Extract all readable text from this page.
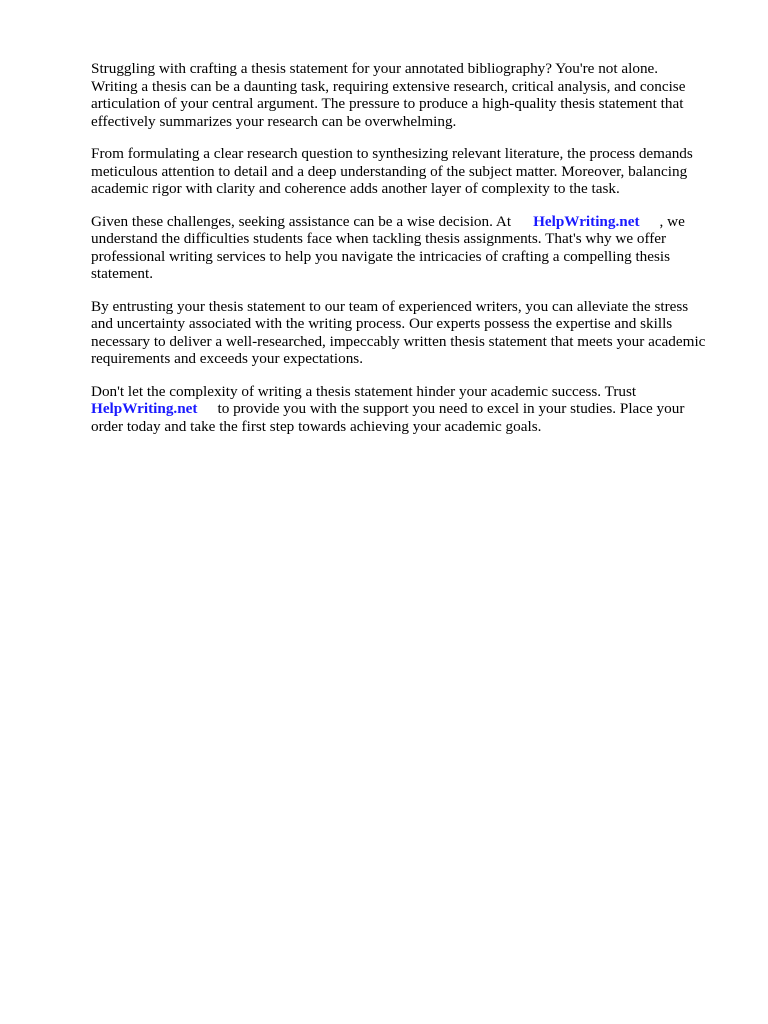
Struggling with crafting a thesis statement for your annotated bibliography? You're not alone.
Writing a thesis can be a daunting task, requiring extensive research, critical analysis, and concise
articulation of your central argument. The pressure to produce a high-quality thesis statement that
effectively summarizes your research can be overwhelming.

From formulating a clear research question to synthesizing relevant literature, the process demands
meticulous attention to detail and a deep understanding of the subject matter. Moreover, balancing
academic rigor with clarity and coherence adds another layer of complexity to the task.

Given these challenges, seeking assistance can be a wise decision. At HelpWriting.net , we
understand the difficulties students face when tackling thesis assignments. That's why we offer
professional writing services to help you navigate the intricacies of crafting a compelling thesis
statement.

By entrusting your thesis statement to our team of experienced writers, you can alleviate the stress
and uncertainty associated with the writing process. Our experts possess the expertise and skills
necessary to deliver a well-researched, impeccably written thesis statement that meets your academic
requirements and exceeds your expectations.

Don't let the complexity of writing a thesis statement hinder your academic success. Trust
HelpWriting.net to provide you with the support you need to excel in your studies. Place your
order today and take the first step towards achieving your academic goals.
